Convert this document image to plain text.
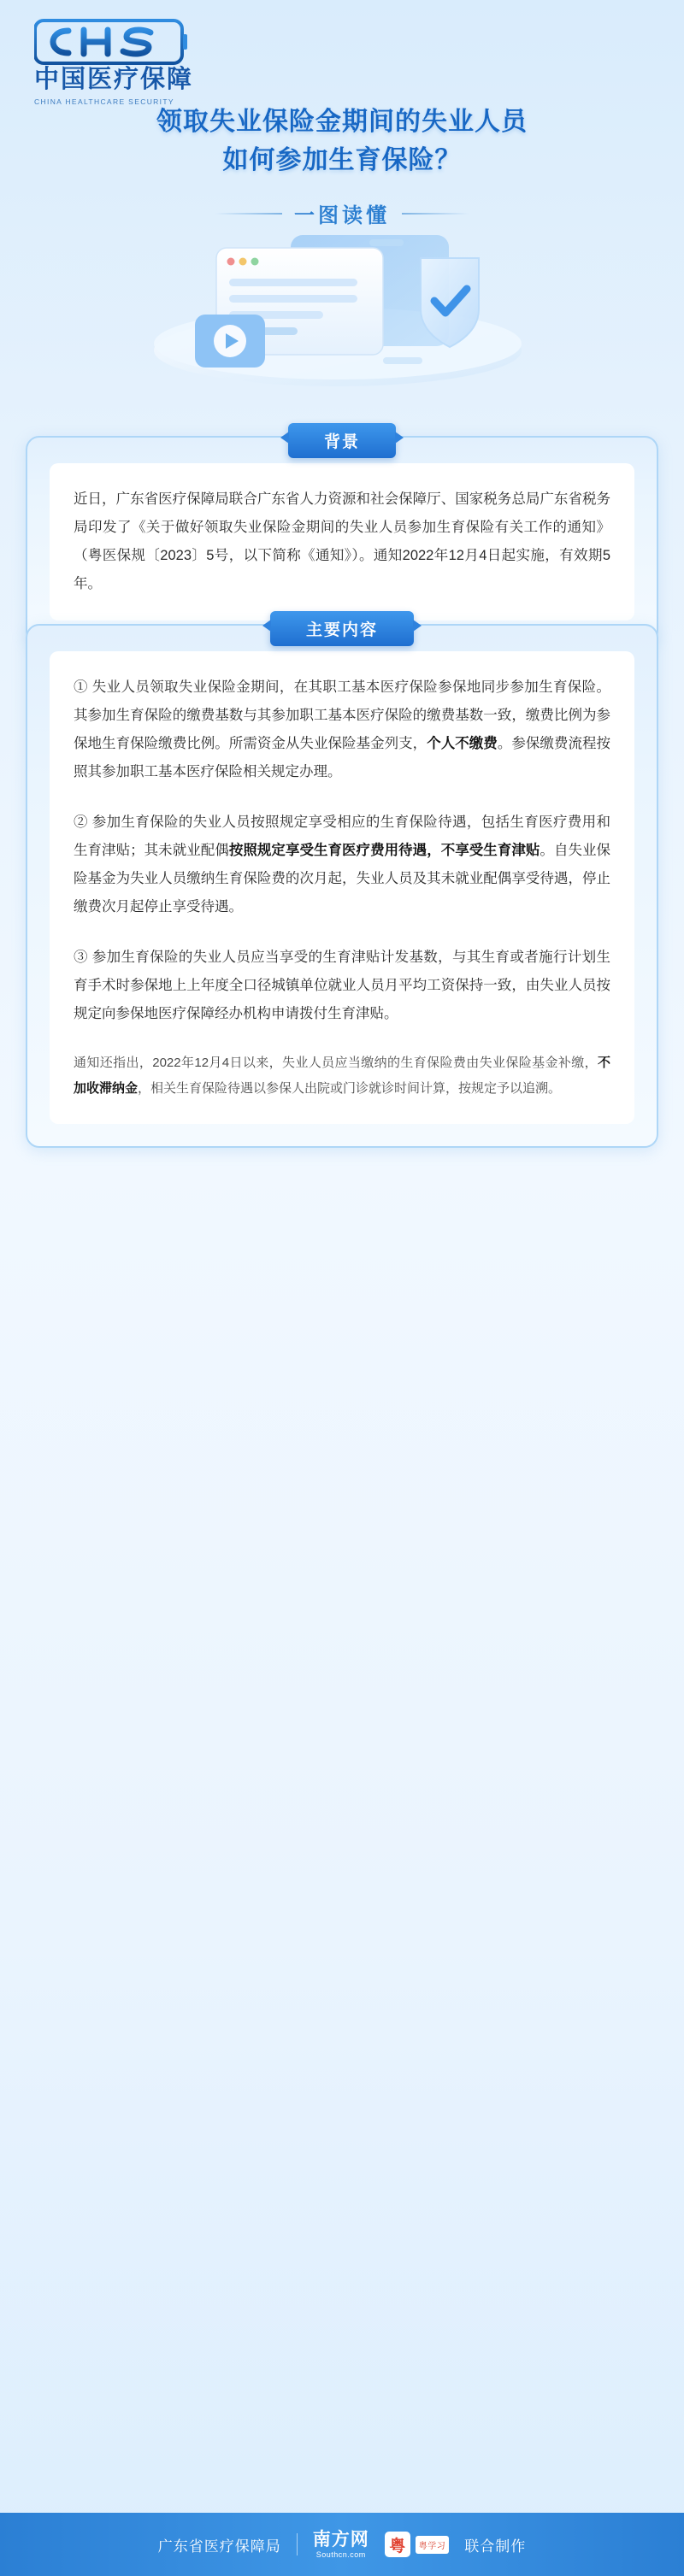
中国医疗保障
CHINA HEALTHCARE SECURITY
领取失业保险金期间的失业人员
如何参加生育保险？
一图读懂
背景

近日，广东省医疗保障局联合广东省人力资源和社会保障厅、国家税务总局广东省税务局印发了《关于做好领取失业保险金期间的失业人员参加生育保险有关工作的通知》（粤医保规〔2023〕5号，以下简称《通知》）。通知2022年12月4日起实施，有效期5年。

主要内容

① 失业人员领取失业保险金期间，在其职工基本医疗保险参保地同步参加生育保险。其参加生育保险的缴费基数与其参加职工基本医疗保险的缴费基数一致，缴费比例为参保地生育保险缴费比例。所需资金从失业保险基金列支，个人不缴费。参保缴费流程按照其参加职工基本医疗保险相关规定办理。

② 参加生育保险的失业人员按照规定享受相应的生育保险待遇，包括生育医疗费用和生育津贴；其未就业配偶按照规定享受生育医疗费用待遇，不享受生育津贴。自失业保险基金为失业人员缴纳生育保险费的次月起，失业人员及其未就业配偶享受待遇，停止缴费次月起停止享受待遇。

③ 参加生育保险的失业人员应当享受的生育津贴计发基数，与其生育或者施行计划生育手术时参保地上上年度全口径城镇单位就业人员月平均工资保持一致，由失业人员按规定向参保地医疗保障经办机构申请拨付生育津贴。

通知还指出，2022年12月4日以来，失业人员应当缴纳的生育保险费由失业保险基金补缴，不加收滞纳金，相关生育保险待遇以参保人出院或门诊就诊时间计算，按规定予以追溯。

广东省医疗保障局 南方网
Southcn.com 粤	粤学习 联合制作
